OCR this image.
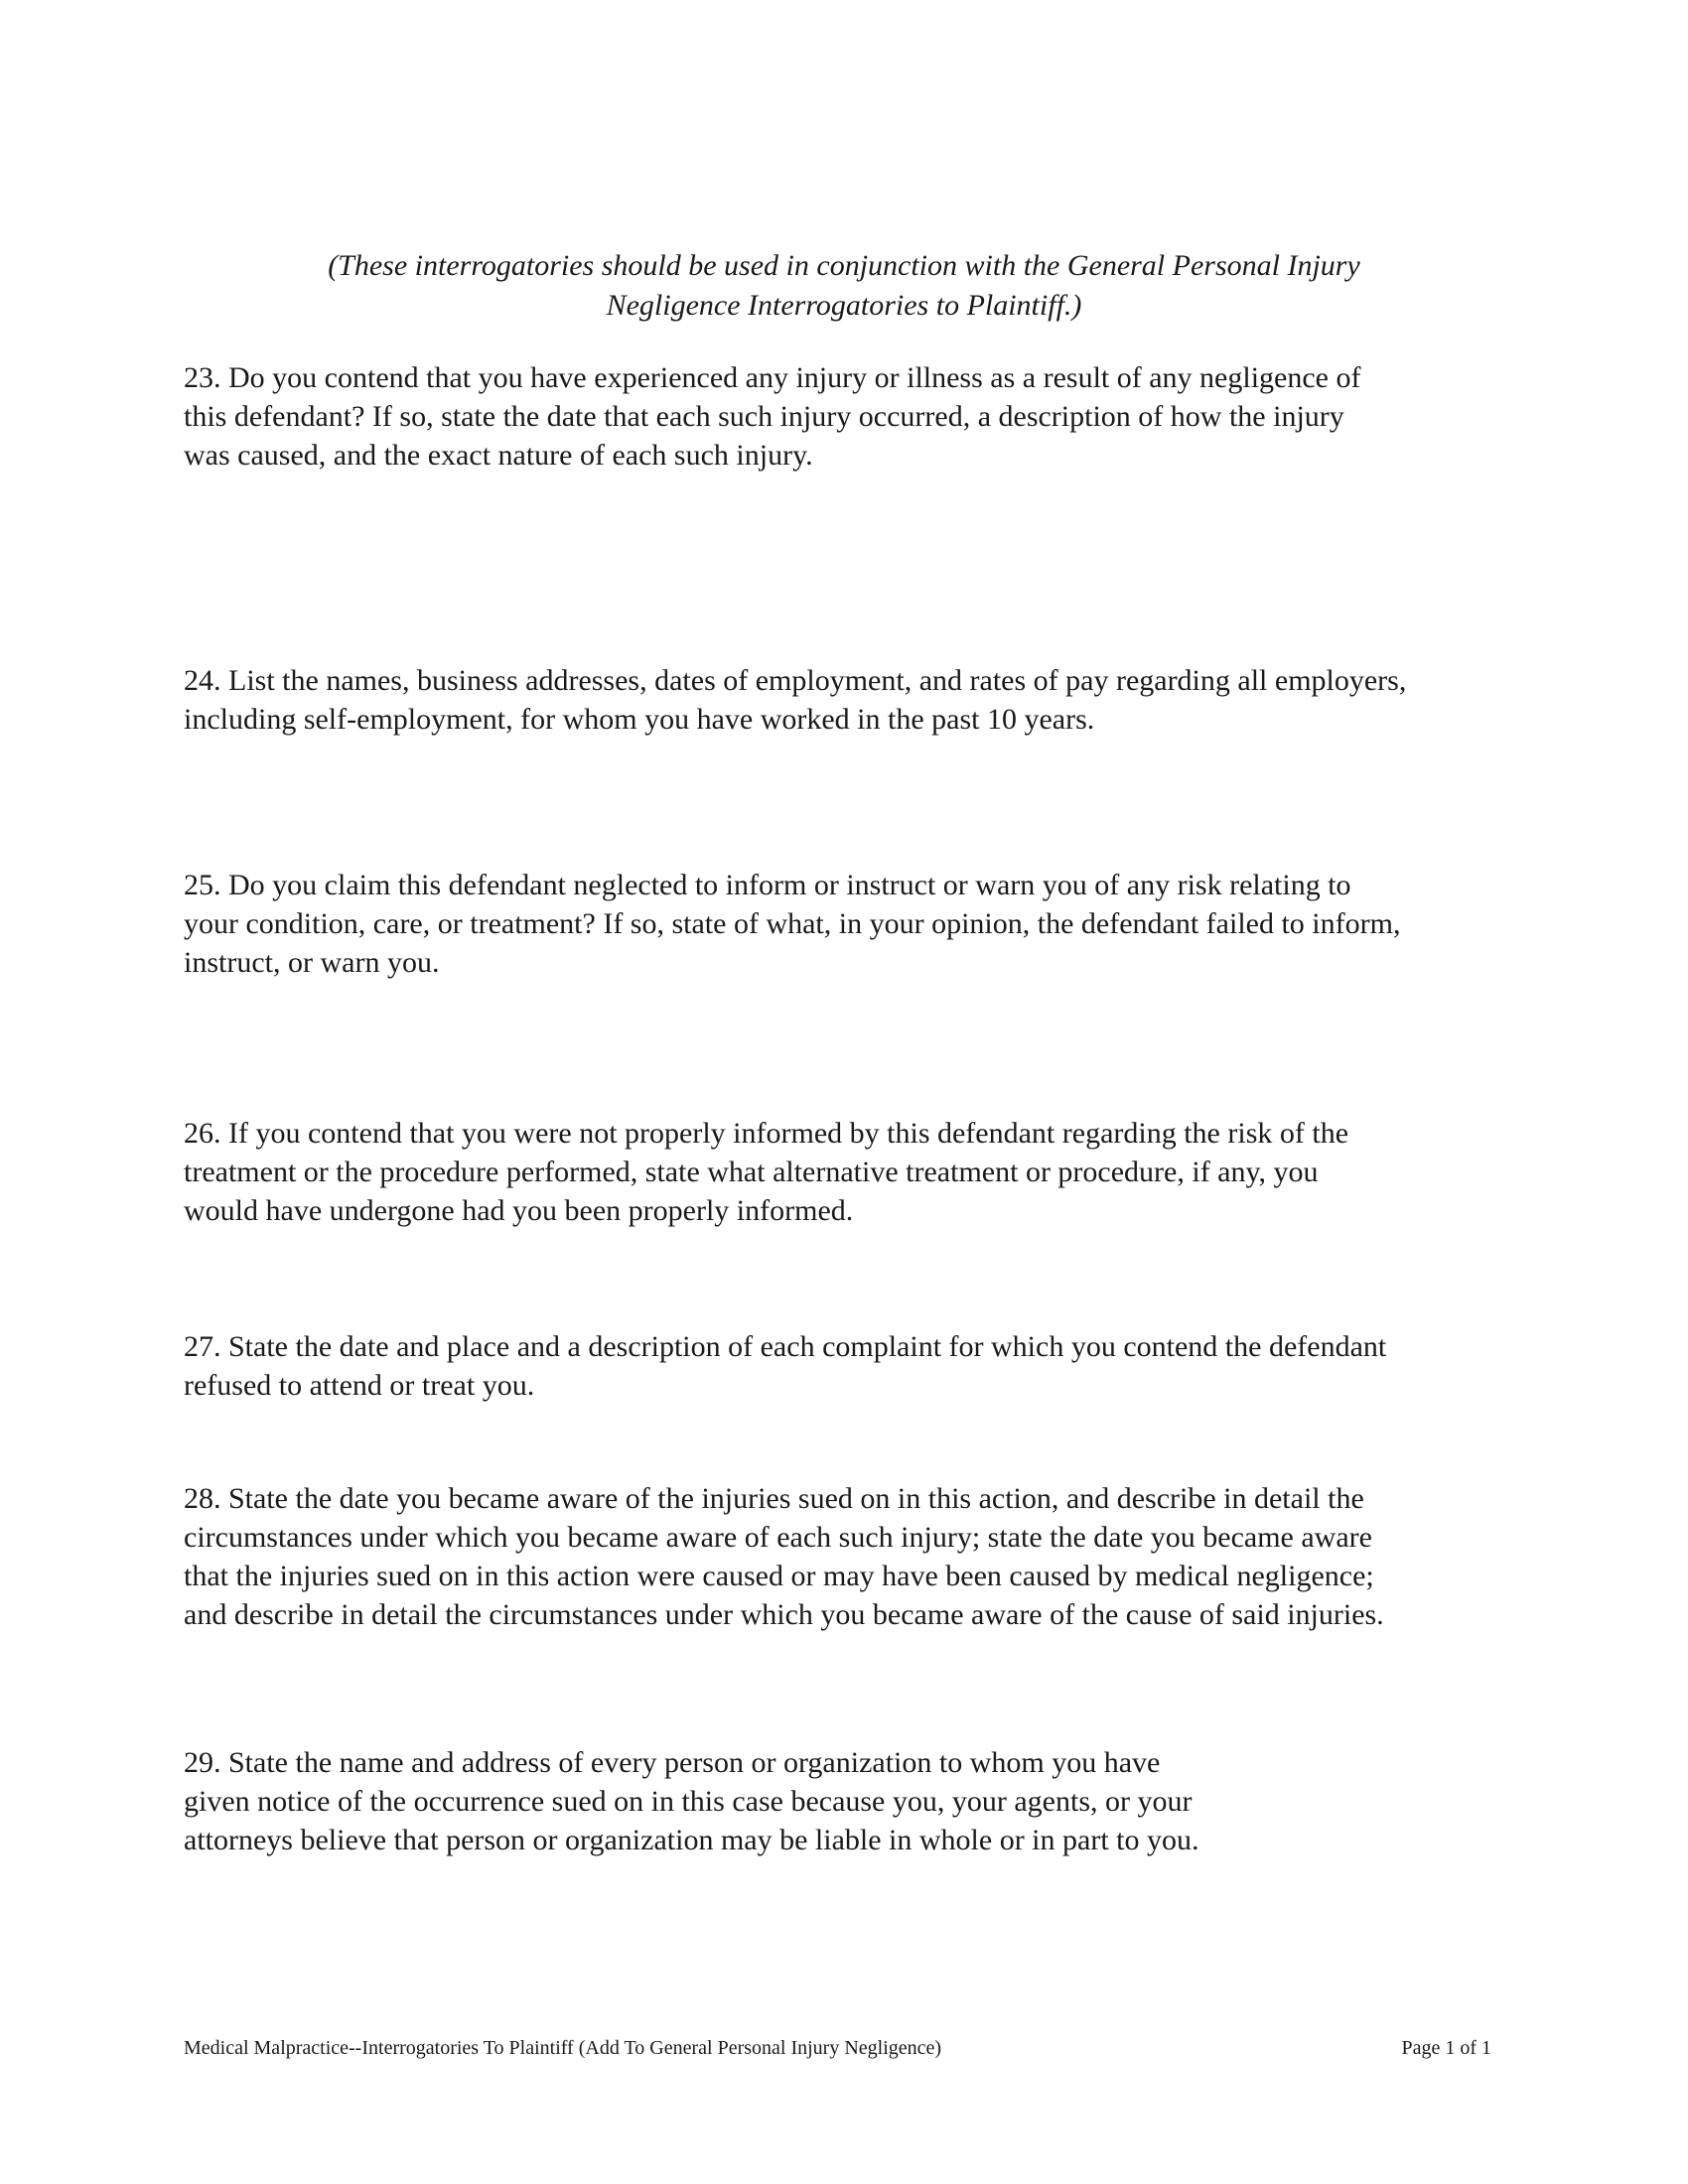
(These interrogatories should be used in conjunction with the General Personal Injury
Negligence Interrogatories to Plaintiff.)

23. Do you contend that you have experienced any injury or illness as a result of any negligence of
this defendant? If so, state the date that each such injury occurred, a description of how the injury
was caused, and the exact nature of each such injury.

24. List the names, business addresses, dates of employment, and rates of pay regarding all employers,
including self-employment, for whom you have worked in the past 10 years.

25. Do you claim this defendant neglected to inform or instruct or warn you of any risk relating to
your condition, care, or treatment? If so, state of what, in your opinion, the defendant failed to inform,
instruct, or warn you.

26. If you contend that you were not properly informed by this defendant regarding the risk of the
treatment or the procedure performed, state what alternative treatment or procedure, if any, you
would have undergone had you been properly informed.

27. State the date and place and a description of each complaint for which you contend the defendant
refused to attend or treat you.

28. State the date you became aware of the injuries sued on in this action, and describe in detail the
circumstances under which you became aware of each such injury; state the date you became aware
that the injuries sued on in this action were caused or may have been caused by medical negligence;
and describe in detail the circumstances under which you became aware of the cause of said injuries.

29. State the name and address of every person or organization to whom you have
given notice of the occurrence sued on in this case because you, your agents, or your
attorneys believe that person or organization may be liable in whole or in part to you.

Medical Malpractice--Interrogatories To Plaintiff (Add To General Personal Injury Negligence)	Page 1 of 1
